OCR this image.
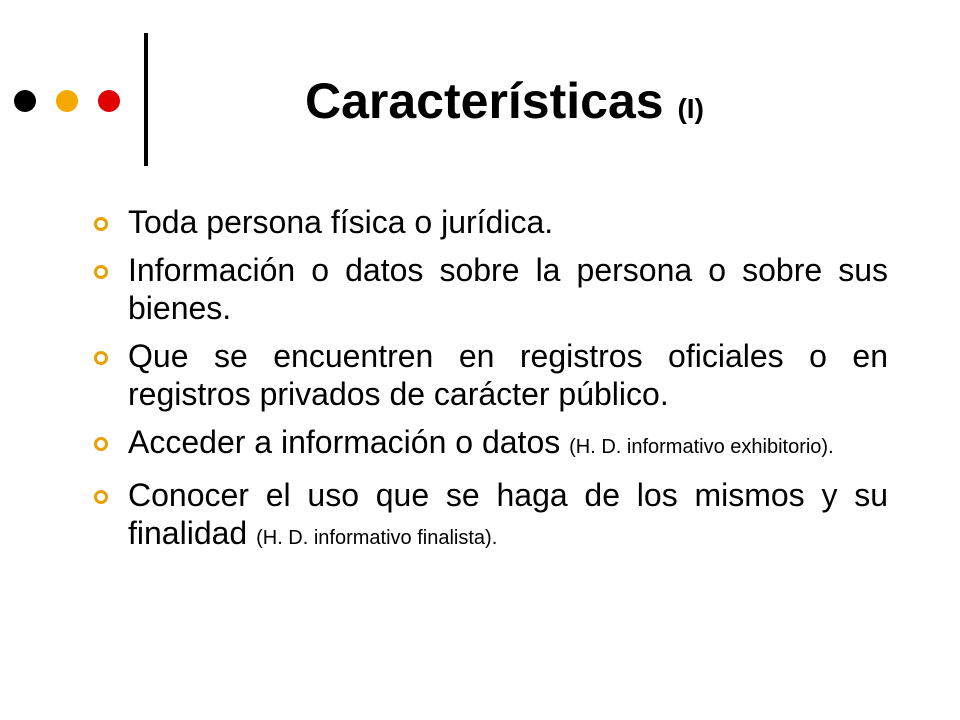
Características (I)
Toda persona física o jurídica.
Información o datos sobre la persona o sobre sus bienes.
Que se encuentren en registros oficiales o en registros privados de carácter público.
Acceder a información o datos (H. D. informativo exhibitorio).
Conocer el uso que se haga de los mismos y su finalidad (H. D. informativo finalista).
